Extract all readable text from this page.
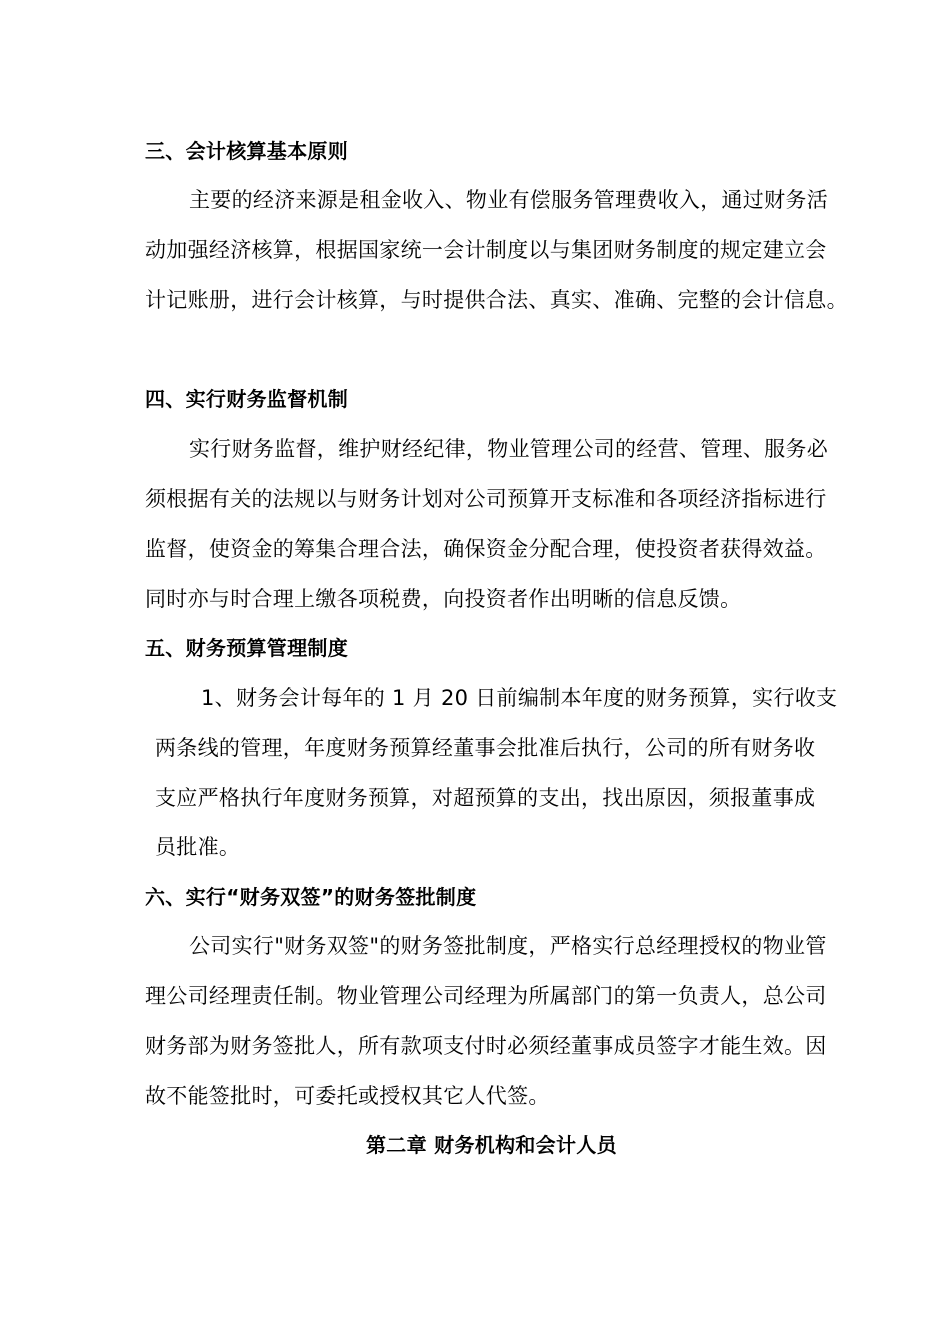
三、会计核算基本原则
主要的经济来源是租金收入、物业有偿服务管理费收入，通过财务活
动加强经济核算，根据国家统一会计制度以与集团财务制度的规定建立会
计记账册，进行会计核算，与时提供合法、真实、准确、完整的会计信息。
四、实行财务监督机制
实行财务监督，维护财经纪律，物业管理公司的经营、管理、服务必
须根据有关的法规以与财务计划对公司预算开支标准和各项经济指标进行
监督，使资金的筹集合理合法，确保资金分配合理，使投资者获得效益。
同时亦与时合理上缴各项税费，向投资者作出明晰的信息反馈。
五、财务预算管理制度
1、财务会计每年的 1 月 20 日前编制本年度的财务预算，实行收支
两条线的管理，年度财务预算经董事会批准后执行，公司的所有财务收
支应严格执行年度财务预算，对超预算的支出，找出原因，须报董事成
员批准。
六、实行“财务双签”的财务签批制度
公司实行"财务双签"的财务签批制度，严格实行总经理授权的物业管
理公司经理责任制。物业管理公司经理为所属部门的第一负责人，总公司
财务部为财务签批人，所有款项支付时必须经董事成员签字才能生效。因
故不能签批时，可委托或授权其它人代签。
第二章 财务机构和会计人员
